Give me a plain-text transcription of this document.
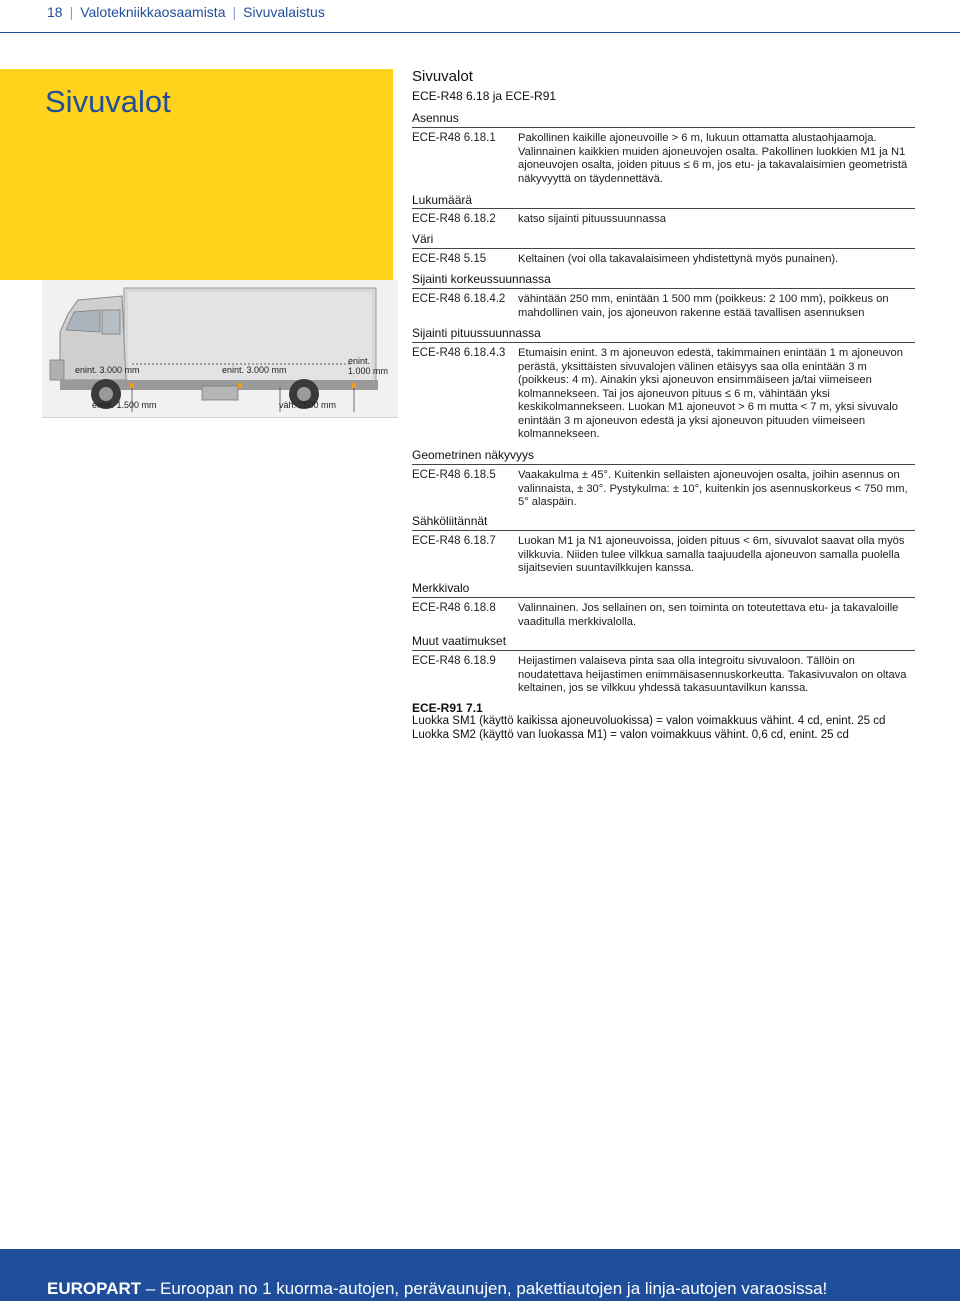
18 | Valotekniikkaosaamista | Sivuvalaistus
Sivuvalot
enint. 3.000 mm	enint. 3.000 mm
enint.
1.000 mm
enint. 1.500 mm	väh. 2500 mm
Sivuvalot
ECE-R48 6.18 ja ECE-R91
Asennus
ECE-R48 6.18.1	Pakollinen kaikille ajoneuvoille > 6 m, lukuun ottamatta alustaohjaamoja. Valinnainen kaikkien muiden ajoneuvojen osalta. Pakollinen luokkien M1 ja N1 ajoneuvojen osalta, joiden pituus ≤ 6 m, jos etu- ja takavalaisimien geometristä näkyvyyttä on täydennettävä.
Lukumäärä
ECE-R48 6.18.2	katso sijainti pituussuunnassa
Väri
ECE-R48 5.15	Keltainen (voi olla takavalaisimeen yhdistettynä myös punainen).
Sijainti korkeussuunnassa
ECE-R48 6.18.4.2	vähintään 250 mm, enintään 1 500 mm (poikkeus: 2 100 mm), poikkeus on mahdollinen vain, jos ajoneuvon rakenne estää tavallisen asennuksen
Sijainti pituussuunnassa
ECE-R48 6.18.4.3	Etumaisin enint. 3 m ajoneuvon edestä, takimmainen enintään 1 m ajoneuvon perästä, yksittäisten sivuvalojen välinen etäisyys saa olla enintään 3 m (poikkeus: 4 m). Ainakin yksi ajoneuvon ensimmäiseen ja/tai viimeiseen kolmannekseen. Tai jos ajoneuvon pituus ≤ 6 m, vähintään yksi keskikolmannekseen. Luokan M1 ajoneuvot > 6 m mutta < 7 m, yksi sivuvalo enintään 3 m ajoneuvon edestä ja yksi ajoneuvon pituuden viimeiseen kolmannekseen.
Geometrinen näkyvyys
ECE-R48 6.18.5	Vaakakulma ± 45°. Kuitenkin sellaisten ajoneuvojen osalta, joihin asennus on valinnaista, ± 30°. Pystykulma: ± 10°, kuitenkin jos asennuskorkeus < 750 mm, 5° alaspäin.
Sähköliitännät
ECE-R48 6.18.7	Luokan M1 ja N1 ajoneuvoissa, joiden pituus < 6m, sivuvalot saavat olla myös vilkkuvia. Niiden tulee vilkkua samalla taajuudella ajoneuvon samalla puolella sijaitsevien suuntavilkkujen kanssa.
Merkkivalo
ECE-R48 6.18.8	Valinnainen. Jos sellainen on, sen toiminta on toteutettava etu- ja takavaloille vaaditulla merkkivalolla.
Muut vaatimukset
ECE-R48 6.18.9	Heijastimen valaiseva pinta saa olla integroitu sivuvaloon. Tällöin on noudatettava heijastimen enimmäisasennuskorkeutta. Takasivuvalon on oltava keltainen, jos se vilkkuu yhdessä takasuuntavilkun kanssa.
ECE-R91 7.1
Luokka SM1 (käyttö kaikissa ajoneuvoluokissa) = valon voimakkuus vähint. 4 cd, enint. 25 cd
Luokka SM2 (käyttö van luokassa M1) = valon voimakkuus vähint. 0,6 cd, enint. 25 cd
EUROPART – Euroopan no 1 kuorma-autojen, perävaunujen, pakettiautojen ja linja-autojen varaosissa!
